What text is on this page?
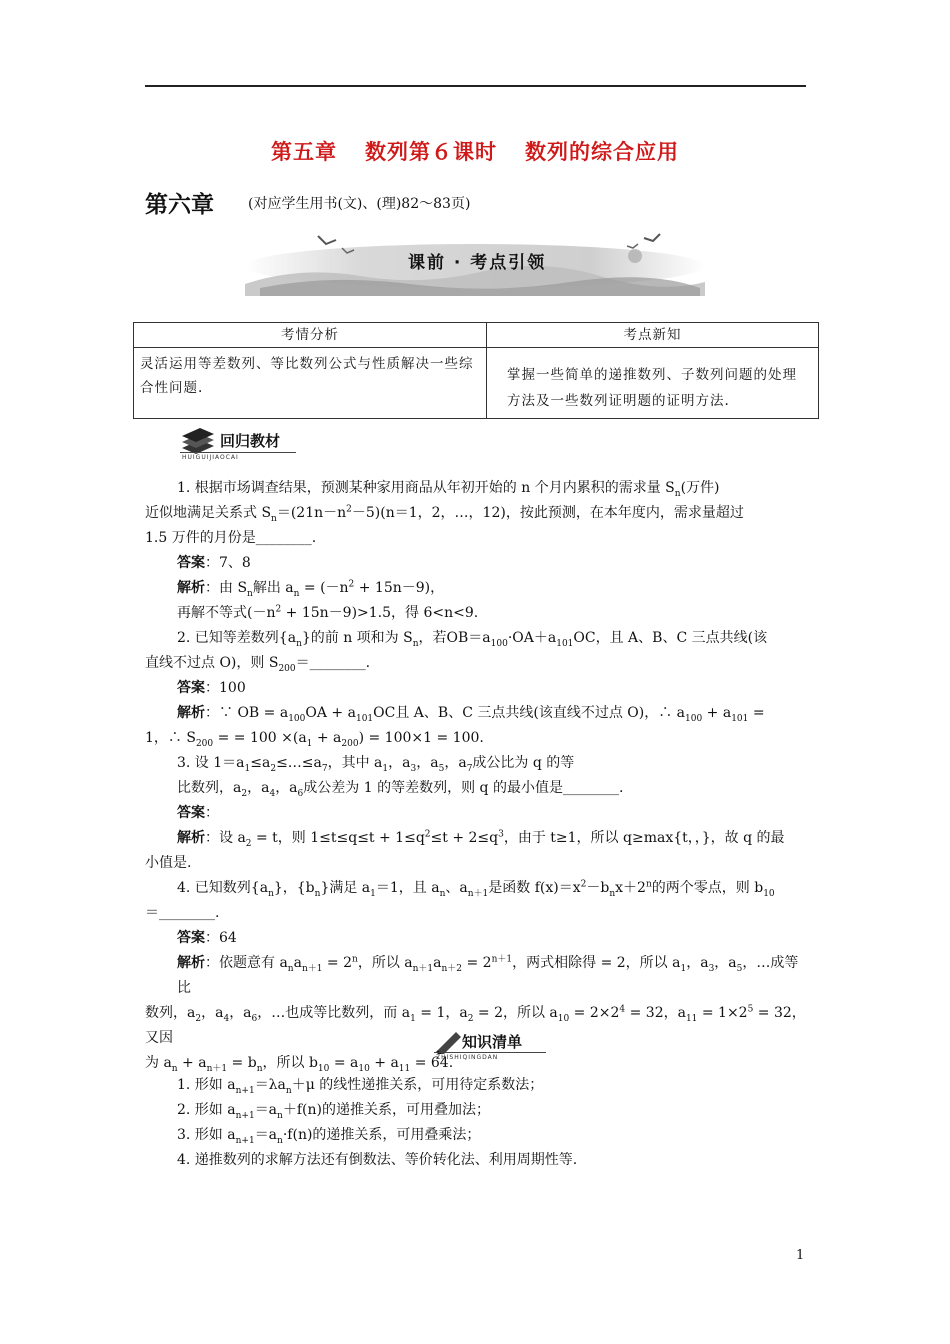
第五章 数列第６课时 数列的综合应用
第六章 (对应学生用书(文)、(理)82～83页)
课前 · 考点引领
考情分析	考点新知
灵活运用等差数列、等比数列公式与性质解决一些综合性问题.	掌握一些简单的递推数列、子数列问题的处理方法及一些数列证明题的证明方法.
回归教材
HUIGUIJIAOCAI

1. 根据市场调查结果，预测某种家用商品从年初开始的 n 个月内累积的需求量 $S_n$(万件)

近似地满足关系式 $S_n=(21n-n^2-5)(n=1$，2，…，12)，按此预测，在本年度内，需求量超过

1.5 万件的月份是________.

答案：7、8

解析：由 $S_n$解出 $a_n = (-n^2 + 15n-9)$，

再解不等式$(-n^2 + 15n-9)>1.5$，得 6<n<9.

2. 已知等差数列$\{a_n\}$的前 n 项和为 $S_n$，若$OB=a_{100}\cdot OA+a_{101}OC$，且 A、B、C 三点共线(该

直线不过点 O)，则 $S_{200}=\_\_\_\_\_\_\_\_$.

答案：100

解析：∵ OB = $a_{100}OA + a_{101}OC$且 A、B、C 三点共线(该直线不过点 O)，∴ $a_{100} + a_{101}$ =

1，∴ $S_{200}$ = = $100 \times(a_1 + a_{200}) = 100\times 1 = 100$.

3. 设 $1=a_1\le a_2\le\dots\le a_7$，其中 $a_1$，$a_3$，$a_5$，$a_7$成公比为 q 的等

比数列，$a_2$，$a_4$，$a_6$成公差为 1 的等差数列，则 q 的最小值是________.

答案：

解析：设 $a_2 = t$，则 $1\le t\le q\le t + 1\le q^2\le t + 2\le q^3$，由于 t≥1，所以 q≥max{t，，}，故 q 的最

小值是.

4. 已知数列$\{a_n\}$，$\{b_n\}$满足 $a_1=1$，且 $a_n$、$a_{n+1}$是函数 $f(x)=x^2-b_nx+2^n$的两个零点，则 $b_{10}$

＝________.

答案：64

解析：依题意有 $a_na_{n+1} = 2^n$，所以 $a_{n+1}a_{n+2} = 2^{n+1}$，两式相除得 = 2，所以 $a_1$，$a_3$，$a_5$，…成等比

数列，$a_2$，$a_4$，$a_6$，…也成等比数列，而 $a_1 = 1$，$a_2 = 2$，所以 $a_{10} = 2\times 2^4 = 32$，$a_{11} = 1\times 2^5 = 32$，又因

为 $a_n + a_{n+1} = b_n$，所以 $b_{10} = a_{10} + a_{11} = 64$.

知识清单
ZHISHIQINGDAN

1. 形如 $a_{n+1}=\lambda a_n+\mu$ 的线性递推关系，可用待定系数法；

2. 形如 $a_{n+1}=a_n+f(n)$的递推关系，可用叠加法；

3. 形如 $a_{n+1}=a_n\cdot f(n)$的递推关系，可用叠乘法；

4. 递推数列的求解方法还有倒数法、等价转化法、利用周期性等.

1
